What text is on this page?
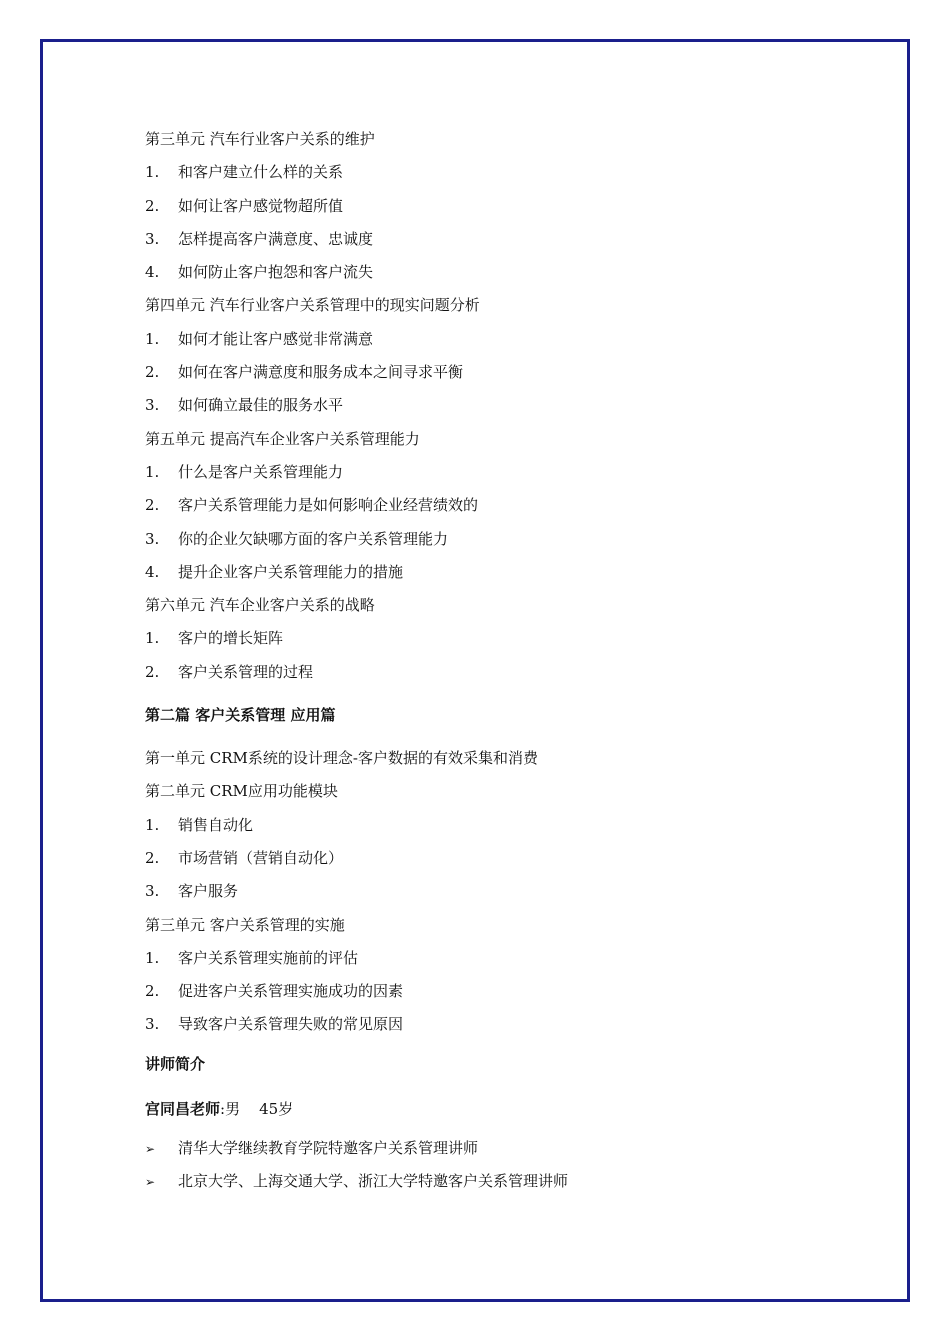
第三单元 汽车行业客户关系的维护
1. 和客户建立什么样的关系
2. 如何让客户感觉物超所值
3. 怎样提高客户满意度、忠诚度
4. 如何防止客户抱怨和客户流失
第四单元 汽车行业客户关系管理中的现实问题分析
1. 如何才能让客户感觉非常满意
2. 如何在客户满意度和服务成本之间寻求平衡
3. 如何确立最佳的服务水平
第五单元 提高汽车企业客户关系管理能力
1. 什么是客户关系管理能力
2. 客户关系管理能力是如何影响企业经营绩效的
3. 你的企业欠缺哪方面的客户关系管理能力
4. 提升企业客户关系管理能力的措施
第六单元 汽车企业客户关系的战略
1. 客户的增长矩阵
2. 客户关系管理的过程
第二篇 客户关系管理 应用篇
第一单元 CRM系统的设计理念-客户数据的有效采集和消费
第二单元 CRM应用功能模块
1. 销售自动化
2. 市场营销（营销自动化）
3. 客户服务
第三单元 客户关系管理的实施
1. 客户关系管理实施前的评估
2. 促进客户关系管理实施成功的因素
3. 导致客户关系管理失败的常见原因
讲师简介
宫同昌老师:男    45岁
➢ 清华大学继续教育学院特邀客户关系管理讲师
➢ 北京大学、上海交通大学、浙江大学特邀客户关系管理讲师
